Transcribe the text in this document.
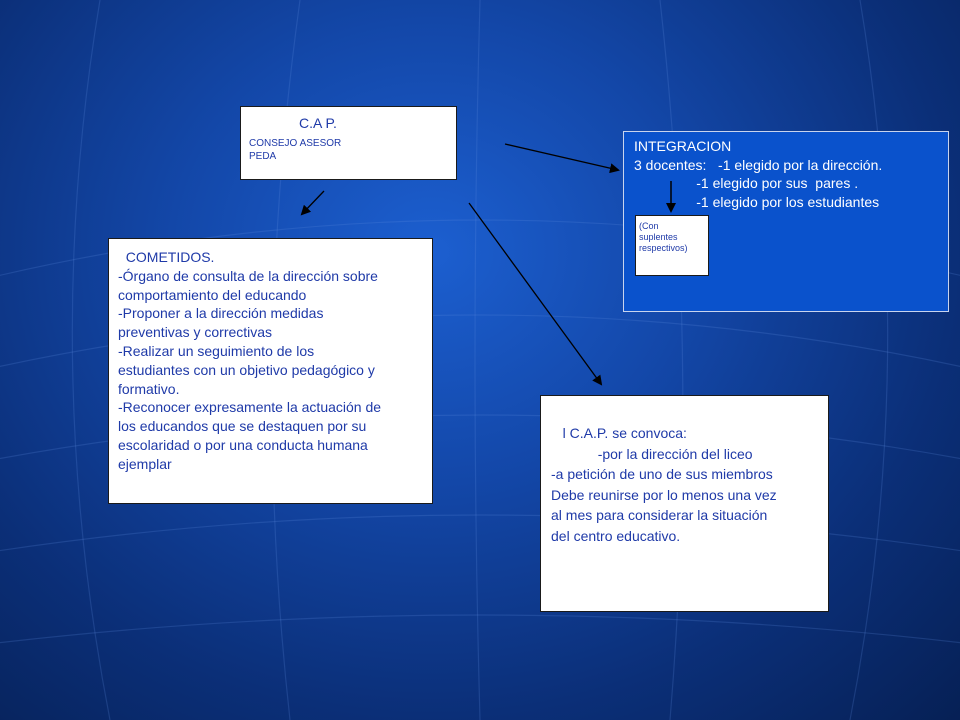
C.A P.
CONSEJO ASESOR
PEDA
INTEGRACION
3 docentes:   -1 elegido por la dirección.
-1 elegido por sus  pares .
-1 elegido por los estudiantes
(Con
suplentes
respectivos)
COMETIDOS.
-Órgano de consulta de la dirección sobre
comportamiento del educando
-Proponer a la dirección medidas
preventivas y correctivas
-Realizar un seguimiento de los
estudiantes con un objetivo pedagógico y
formativo.
-Reconocer expresamente la actuación de
los educandos que se destaquen por su
escolaridad o por una conducta humana
ejemplar
l C.A.P. se convoca:
-por la dirección del liceo
-a petición de uno de sus miembros
Debe reunirse por lo menos una vez
al mes para considerar la situación
del centro educativo.
